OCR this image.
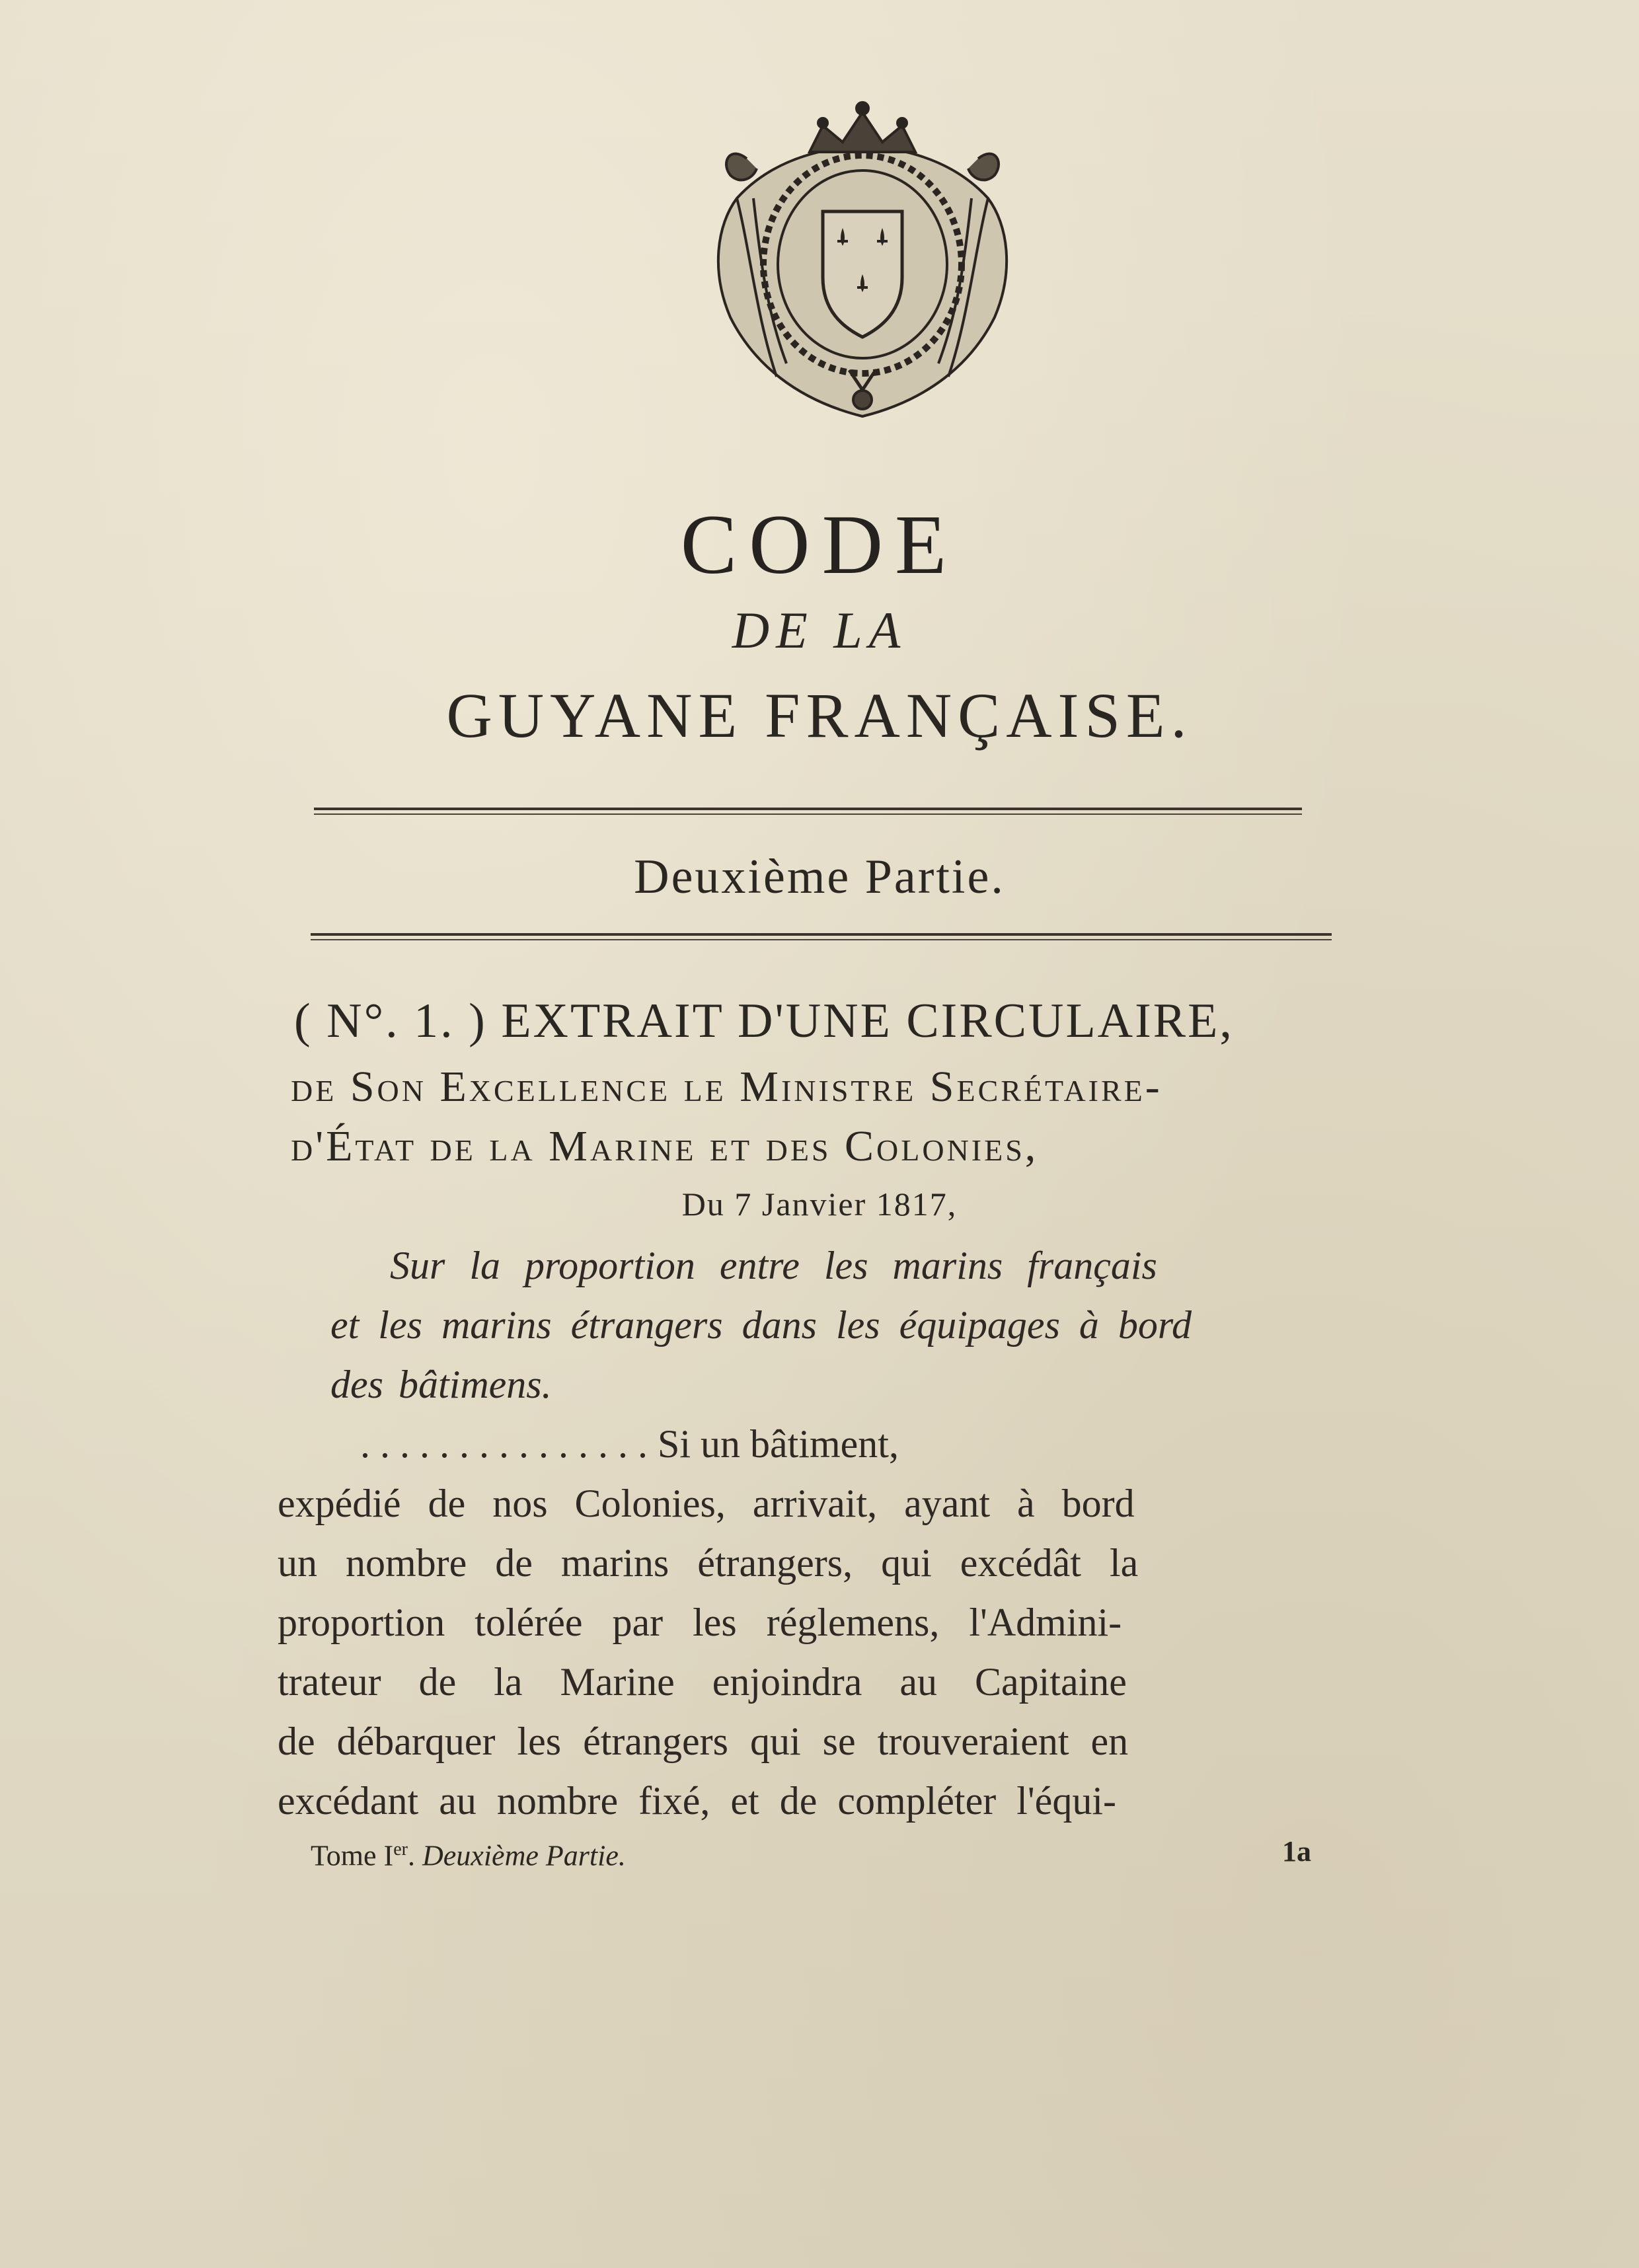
CODE
DE LA
GUYANE FRANÇAISE.
Deuxième Partie.
( N°. 1. ) EXTRAIT D'UNE CIRCULAIRE,
de Son Excellence le Ministre Secrétaire-
d'État de la Marine et des Colonies,
Du 7 Janvier 1817,
Sur la proportion entre les marins français
et les marins étrangers dans les équipages à bord
des bâtimens.
. . . . . . . . . . . . . . . Si un bâtiment,
expédié de nos Colonies, arrivait, ayant à bord
un nombre de marins étrangers, qui excédât la
proportion tolérée par les réglemens, l'Admini-
trateur de la Marine enjoindra au Capitaine
de débarquer les étrangers qui se trouveraient en
excédant au nombre fixé, et de compléter l'équi-
Tome Ier. Deuxième Partie.	1a
